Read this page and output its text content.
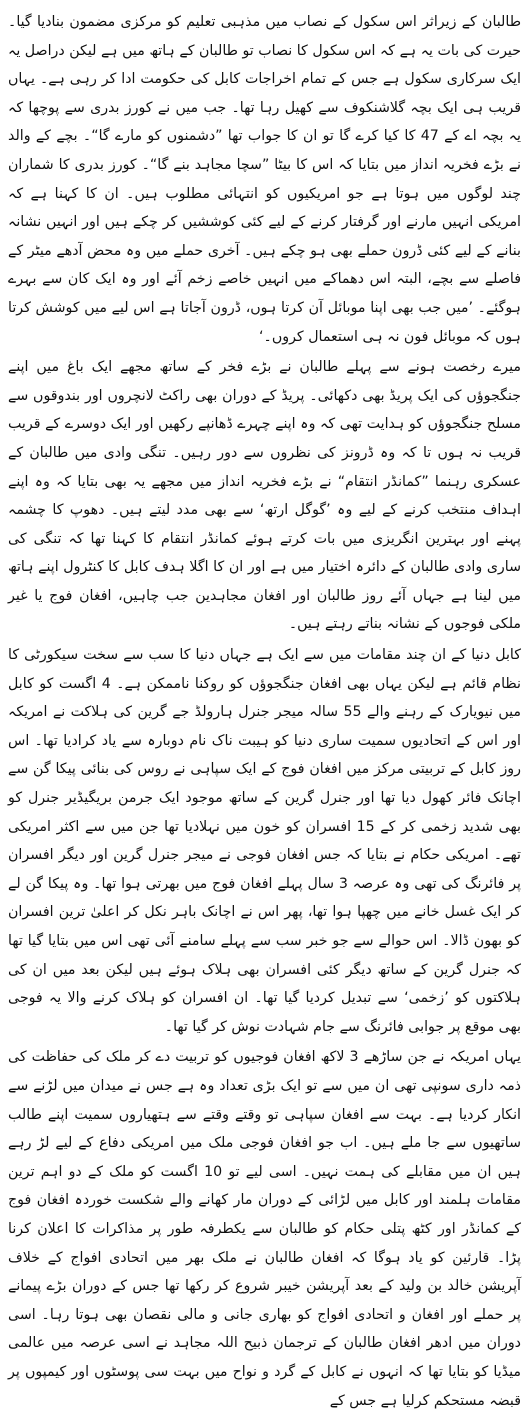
طالبان کے زیراثر اس سکول کے نصاب میں مذہبی تعلیم کو مرکزی مضمون بنادیا گیا۔ حیرت کی بات یہ ہے کہ اس سکول کا نصاب تو طالبان کے ہاتھ میں ہے لیکن دراصل یہ ایک سرکاری سکول ہے جس کے تمام اخراجات کابل کی حکومت ادا کر رہی ہے۔ یہاں قریب ہی ایک بچہ گلاشنکوف سے کھیل رہا تھا۔ جب میں نے کورز بدری سے پوچھا کہ یہ بچہ اے کے 47 کا کیا کرے گا تو ان کا جواب تھا ”دشمنوں کو مارے گا“۔ بچے کے والد نے بڑے فخریہ انداز میں بتایا کہ اس کا بیٹا ”سچا مجاہد بنے گا“۔ کورز بدری کا شماران چند لوگوں میں ہوتا ہے جو امریکیوں کو انتہائی مطلوب ہیں۔ ان کا کہنا ہے کہ امریکی انہیں مارنے اور گرفتار کرنے کے لیے کئی کوششیں کر چکے ہیں اور انہیں نشانہ بنانے کے لیے کئی ڈرون حملے بھی ہو چکے ہیں۔ آخری حملے میں وہ محض آدھے میٹر کے فاصلے سے بچے، البتہ اس دھماکے میں انہیں خاصے زخم آئے اور وہ ایک کان سے بہرے ہوگئے۔ ’میں جب بھی اپنا موبائل آن کرتا ہوں، ڈرون آجاتا ہے اس لیے میں کوشش کرتا ہوں کہ موبائل فون نہ ہی استعمال کروں۔‘

میرے رخصت ہونے سے پہلے طالبان نے بڑے فخر کے ساتھ مجھے ایک باغ میں اپنے جنگجوؤں کی ایک پریڈ بھی دکھائی۔ پریڈ کے دوران بھی راکٹ لانچروں اور بندوقوں سے مسلح جنگجوؤں کو ہدایت تھی کہ وہ اپنے چہرے ڈھانپے رکھیں اور ایک دوسرے کے قریب قریب نہ ہوں تا کہ وہ ڈرونز کی نظروں سے دور رہیں۔ تنگی وادی میں طالبان کے عسکری رہنما ”کمانڈر انتقام“ نے بڑے فخریہ انداز میں مجھے یہ بھی بتایا کہ وہ اپنے اہداف منتخب کرنے کے لیے وہ ’گوگل ارتھ‘ سے بھی مدد لیتے ہیں۔ دھوپ کا چشمہ پہنے اور بہترین انگریزی میں بات کرتے ہوئے کمانڈر انتقام کا کہنا تھا کہ تنگی کی ساری وادی طالبان کے دائرہ اختیار میں ہے اور ان کا اگلا ہدف کابل کا کنٹرول اپنے ہاتھ میں لینا ہے جہاں آئے روز طالبان اور افغان مجاہدین جب چاہیں، افغان فوج یا غیر ملکی فوجوں کے نشانہ بناتے رہتے ہیں۔

کابل دنیا کے ان چند مقامات میں سے ایک ہے جہاں دنیا کا سب سے سخت سیکورٹی کا نظام قائم ہے لیکن یہاں بھی افغان جنگجوؤں کو روکنا ناممکن ہے۔ 4 اگست کو کابل میں نیویارک کے رہنے والے 55 سالہ میجر جنرل ہارولڈ جے گرین کی ہلاکت نے امریکہ اور اس کے اتحادیوں سمیت ساری دنیا کو ہیبت ناک نام دوبارہ سے یاد کرادیا تھا۔ اس روز کابل کے تربیتی مرکز میں افغان فوج کے ایک سپاہی نے روس کی بنائی پیکا گن سے اچانک فائر کھول دیا تھا اور جنرل گرین کے ساتھ موجود ایک جرمن بریگیڈیر جنرل کو بھی شدید زخمی کر کے 15 افسران کو خون میں نہلادیا تھا جن میں سے اکثر امریکی تھے۔ امریکی حکام نے بتایا کہ جس افغان فوجی نے میجر جنرل گرین اور دیگر افسران پر فائرنگ کی تھی وہ عرصہ 3 سال پہلے افغان فوج میں بھرتی ہوا تھا۔ وہ پیکا گن لے کر ایک غسل خانے میں چھپا ہوا تھا، پھر اس نے اچانک باہر نکل کر اعلیٰ ترین افسران کو بھون ڈالا۔ اس حوالے سے جو خبر سب سے پہلے سامنے آئی تھی اس میں بتایا گیا تھا کہ جنرل گرین کے ساتھ دیگر کئی افسران بھی ہلاک ہوئے ہیں لیکن بعد میں ان کی ہلاکتوں کو ’زخمی‘ سے تبدیل کردیا گیا تھا۔ ان افسران کو ہلاک کرنے والا یہ فوجی بھی موقع پر جوابی فائرنگ سے جام شہادت نوش کر گیا تھا۔

یہاں امریکہ نے جن ساڑھے 3 لاکھ افغان فوجیوں کو تربیت دے کر ملک کی حفاظت کی ذمہ داری سونپی تھی ان میں سے تو ایک بڑی تعداد وہ ہے جس نے میدان میں لڑنے سے انکار کردیا ہے۔ بہت سے افغان سپاہی تو وقتے وقتے سے ہتھیاروں سمیت اپنے طالب ساتھیوں سے جا ملے ہیں۔ اب جو افغان فوجی ملک میں امریکی دفاع کے لیے لڑ رہے ہیں ان میں مقابلے کی ہمت نہیں۔ اسی لیے تو 10 اگست کو ملک کے دو اہم ترین مقامات ہلمند اور کابل میں لڑائی کے دوران مار کھانے والے شکست خوردہ افغان فوج کے کمانڈر اور کٹھ پتلی حکام کو طالبان سے یکطرفہ طور پر مذاکرات کا اعلان کرنا پڑا۔ قارئین کو یاد ہوگا کہ افغان طالبان نے ملک بھر میں اتحادی افواج کے خلاف آپریشن خالد بن ولید کے بعد آپریشن خیبر شروع کر رکھا تھا جس کے دوران بڑے پیمانے پر حملے اور افغان و اتحادی افواج کو بھاری جانی و مالی نقصان بھی ہوتا رہا۔ اسی دوران میں ادھر افغان طالبان کے ترجمان ذبیح اللہ مجاہد نے اسی عرصہ میں عالمی میڈیا کو بتایا تھا کہ انہوں نے کابل کے گرد و نواح میں بہت سی پوسٹوں اور کیمپوں پر قبضہ مستحکم کرلیا ہے جس کے
